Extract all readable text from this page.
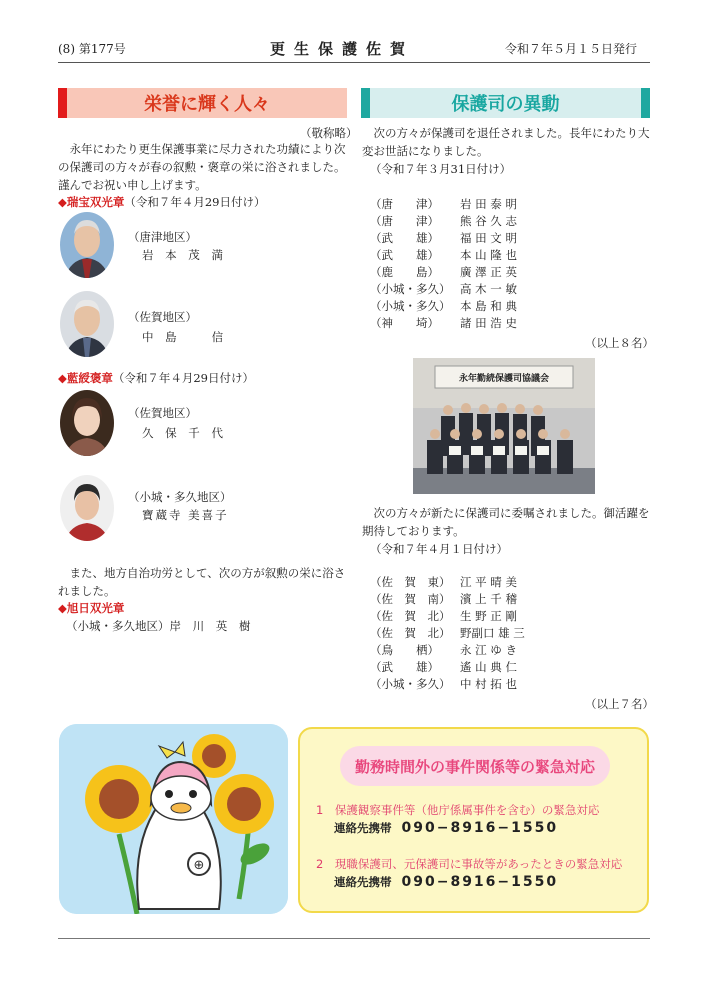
(8) 第177号	更生保護佐賀	令和７年５月１５日発行
栄誉に輝く人々
（敬称略）
　永年にわたり更生保護事業に尽力された功績により次の保護司の方々が春の叙勲・褒章の栄に浴されました。謹んでお祝い申し上げます。
◆瑞宝双光章（令和７年４月29日付け）
（唐津地区）
岩 本 茂 満
（佐賀地区）
中 島　　信
◆藍綬褒章（令和７年４月29日付け）
（佐賀地区）
久 保 千 代
（小城・多久地区）
寶蔵寺 美喜子
　また、地方自治功労として、次の方が叙勲の栄に浴されました。
◆旭日双光章
（小城・多久地区）岸 川 英 樹
保護司の異動
　次の方々が保護司を退任されました。長年にわたり大変お世話になりました。
（令和７年３月31日付け）
（唐　　津）	岩 田 泰 明
（唐　　津）	熊 谷 久 志
（武　　雄）	福 田 文 明
（武　　雄）	本 山 隆 也
（鹿　　島）	廣 澤 正 英
（小城・多久） 高 木 一 敏
（小城・多久） 本 島 和 典
（神　　埼）	諸 田 浩 史
（以上８名）
永年勤続保護司協議会
　次の方々が新たに保護司に委嘱されました。御活躍を期待しております。
（令和７年４月１日付け）
（佐　賀　東） 江 平 晴 美
（佐　賀　南） 濱 上 千 稽
（佐　賀　北） 生 野 正 剛
（佐　賀　北） 野副口 雄 三
（鳥　　栖）	永 江 ゆ き
（武　　雄）	遙 山 典 仁
（小城・多久） 中 村 拓 也
（以上７名）
⊕
勤務時間外の事件関係等の緊急対応
1　保護観察事件等（他庁係属事件を含む）の緊急対応
連絡先携帯 090−8916−1550
2　現職保護司、元保護司に事故等があったときの緊急対応
連絡先携帯 090−8916−1550
